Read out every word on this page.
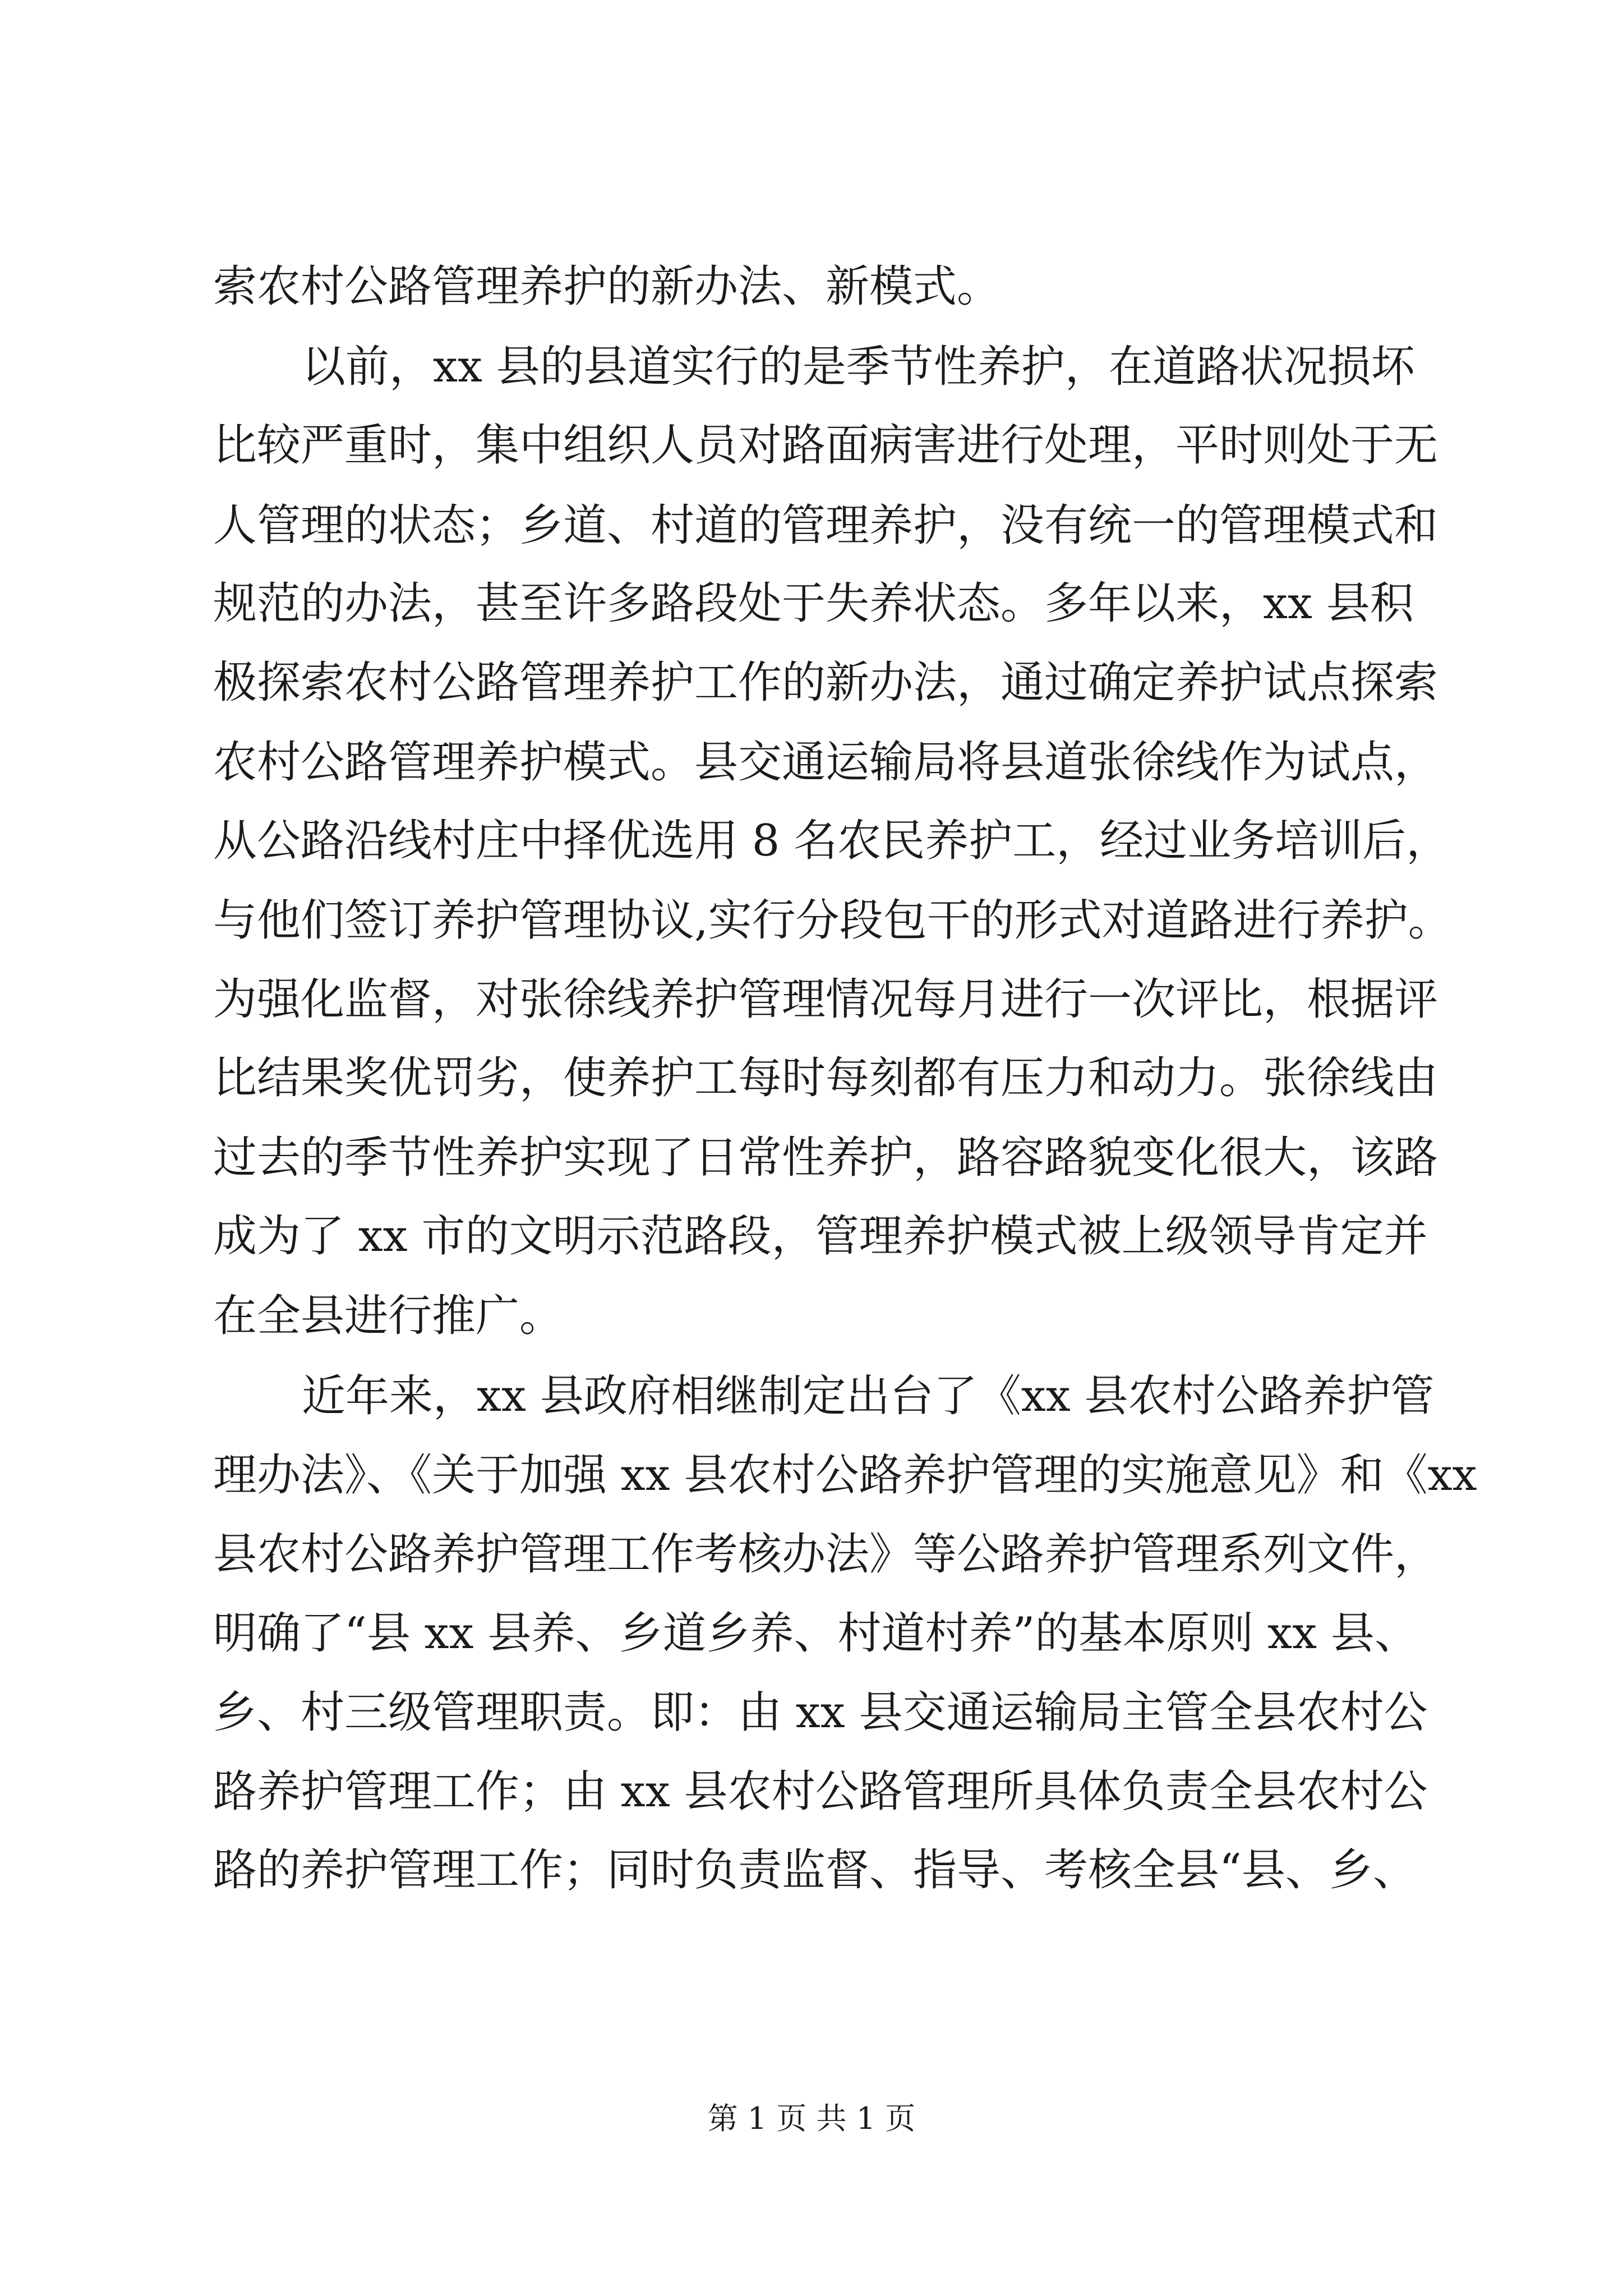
索农村公路管理养护的新办法、新模式。
以前，xx 县的县道实行的是季节性养护，在道路状况损坏
比较严重时，集中组织人员对路面病害进行处理，平时则处于无
人管理的状态；乡道、村道的管理养护，没有统一的管理模式和
规范的办法，甚至许多路段处于失养状态。多年以来，xx 县积
极探索农村公路管理养护工作的新办法，通过确定养护试点探索
农村公路管理养护模式。县交通运输局将县道张徐线作为试点，
从公路沿线村庄中择优选用 8 名农民养护工，经过业务培训后，
与他们签订养护管理协议,实行分段包干的形式对道路进行养护。
为强化监督，对张徐线养护管理情况每月进行一次评比，根据评
比结果奖优罚劣，使养护工每时每刻都有压力和动力。张徐线由
过去的季节性养护实现了日常性养护，路容路貌变化很大，该路
成为了 xx 市的文明示范路段，管理养护模式被上级领导肯定并
在全县进行推广。
近年来，xx 县政府相继制定出台了《xx 县农村公路养护管
理办法》、《关于加强 xx 县农村公路养护管理的实施意见》和《xx
县农村公路养护管理工作考核办法》等公路养护管理系列文件，
明确了“县 xx 县养、乡道乡养、村道村养”的基本原则 xx 县、
乡、村三级管理职责。即：由 xx 县交通运输局主管全县农村公
路养护管理工作；由 xx 县农村公路管理所具体负责全县农村公
路的养护管理工作；同时负责监督、指导、考核全县“县、乡、
第 1 页 共 1 页
